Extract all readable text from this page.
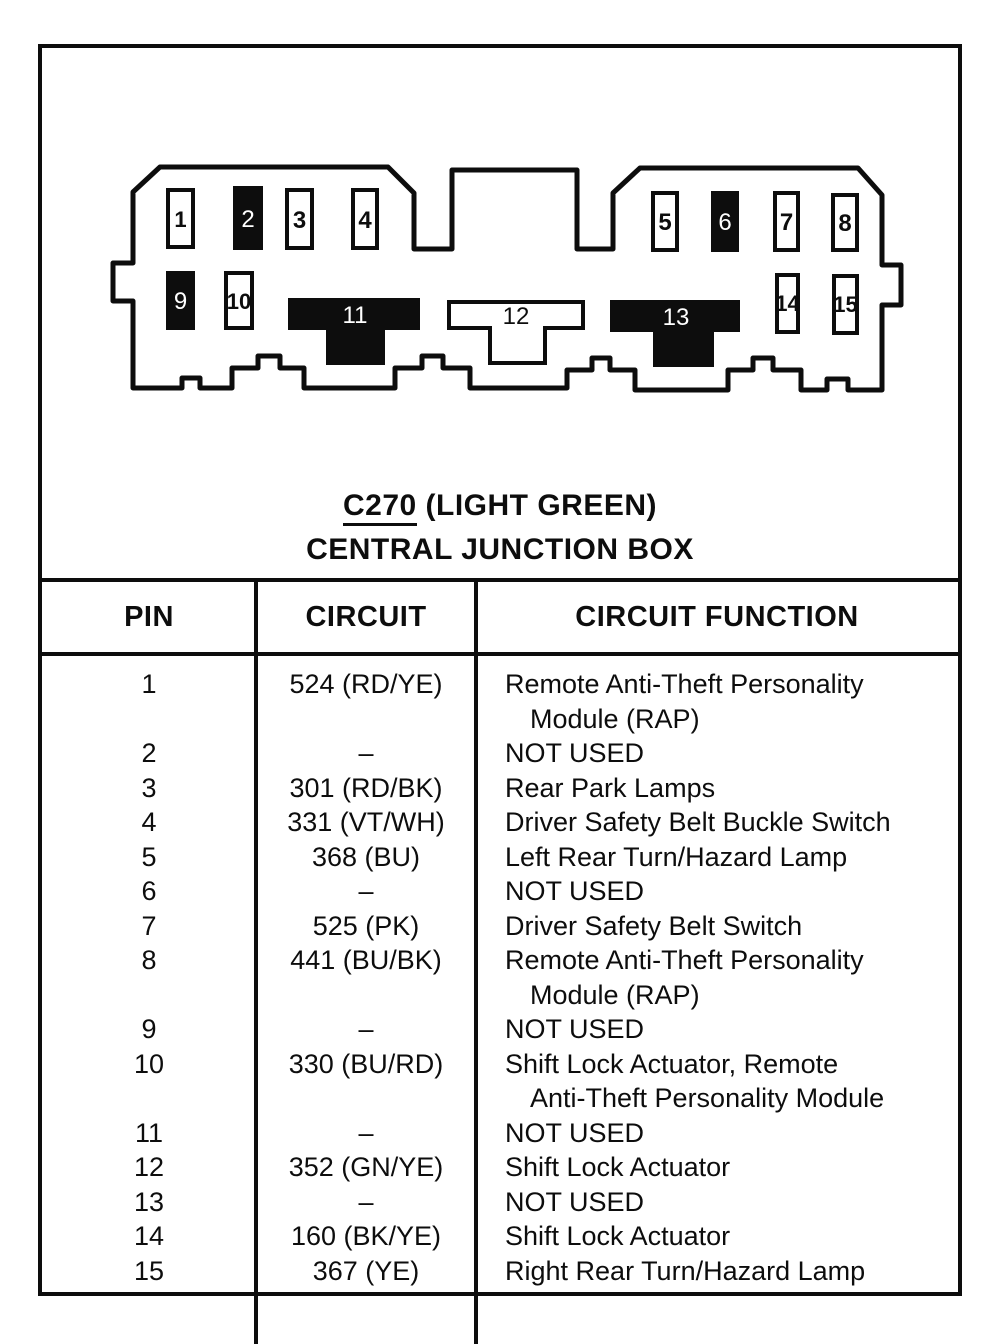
1 2 3 4	5 6 7 8
9 10
11	12	13
14 15
C270 (LIGHT GREEN)
CENTRAL JUNCTION BOX
PIN	CIRCUIT	CIRCUIT FUNCTION
1	524 (RD/YE)	Remote Anti-Theft Personality
Module (RAP)
2	–	NOT USED
3	301 (RD/BK)	Rear Park Lamps
4	331 (VT/WH)	Driver Safety Belt Buckle Switch
5	368 (BU)	Left Rear Turn/Hazard Lamp
6	–	NOT USED
7	525 (PK)	Driver Safety Belt Switch
8	441 (BU/BK)	Remote Anti-Theft Personality
Module (RAP)
9	–	NOT USED
10	330 (BU/RD)	Shift Lock Actuator, Remote
Anti-Theft Personality Module
11	–	NOT USED
12	352 (GN/YE)	Shift Lock Actuator
13	–	NOT USED
14	160 (BK/YE)	Shift Lock Actuator
15	367 (YE)	Right Rear Turn/Hazard Lamp
